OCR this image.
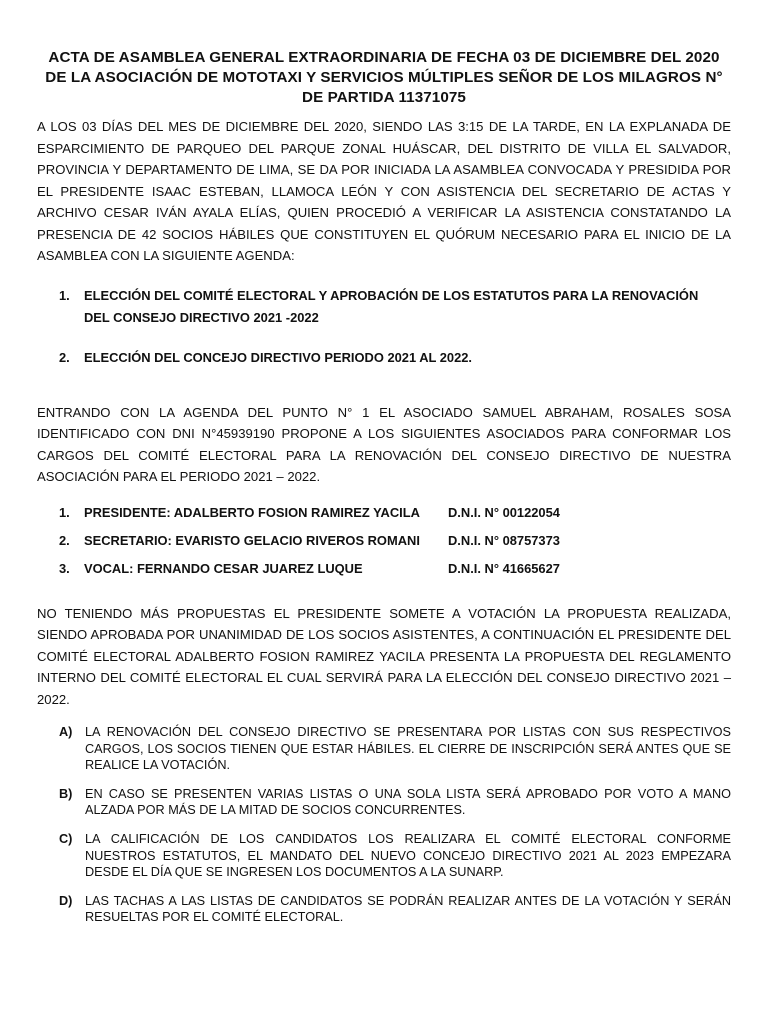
ACTA DE ASAMBLEA GENERAL EXTRAORDINARIA DE FECHA 03 DE DICIEMBRE DEL 2020
DE LA ASOCIACIÓN DE MOTOTAXI Y SERVICIOS MÚLTIPLES SEÑOR DE LOS MILAGROS N°
DE PARTIDA 11371075

A LOS 03 DÍAS DEL MES DE DICIEMBRE DEL 2020, SIENDO LAS 3:15 DE LA TARDE, EN LA EXPLANADA DE ESPARCIMIENTO DE PARQUEO DEL PARQUE ZONAL HUÁSCAR, DEL DISTRITO DE VILLA EL SALVADOR, PROVINCIA Y DEPARTAMENTO DE LIMA, SE DA POR INICIADA LA ASAMBLEA CONVOCADA Y PRESIDIDA POR EL PRESIDENTE ISAAC ESTEBAN, LLAMOCA LEÓN Y CON ASISTENCIA DEL SECRETARIO DE ACTAS Y ARCHIVO CESAR IVÁN AYALA ELÍAS, QUIEN PROCEDIÓ A VERIFICAR LA ASISTENCIA CONSTATANDO LA PRESENCIA DE 42 SOCIOS HÁBILES QUE CONSTITUYEN EL QUÓRUM NECESARIO PARA EL INICIO DE LA ASAMBLEA CON LA SIGUIENTE AGENDA:

1.	ELECCIÓN DEL COMITÉ ELECTORAL Y APROBACIÓN DE LOS ESTATUTOS PARA LA RENOVACIÓN DEL CONSEJO DIRECTIVO 2021 -2022
2.	ELECCIÓN DEL CONCEJO DIRECTIVO PERIODO 2021 AL 2022.

ENTRANDO CON LA AGENDA DEL PUNTO N° 1 EL ASOCIADO SAMUEL ABRAHAM, ROSALES SOSA IDENTIFICADO CON DNI N°45939190 PROPONE A LOS SIGUIENTES ASOCIADOS PARA CONFORMAR LOS CARGOS DEL COMITÉ ELECTORAL PARA LA RENOVACIÓN DEL CONSEJO DIRECTIVO DE NUESTRA ASOCIACIÓN PARA EL PERIODO 2021 – 2022.

1.	PRESIDENTE: ADALBERTO FOSION RAMIREZ YACILA	D.N.I. N° 00122054
2.	SECRETARIO: EVARISTO GELACIO RIVEROS ROMANI	D.N.I. N° 08757373
3.	VOCAL: FERNANDO CESAR JUAREZ LUQUE	D.N.I. N° 41665627

NO TENIENDO MÁS PROPUESTAS EL PRESIDENTE SOMETE A VOTACIÓN LA PROPUESTA REALIZADA, SIENDO APROBADA POR UNANIMIDAD DE LOS SOCIOS ASISTENTES, A CONTINUACIÓN EL PRESIDENTE DEL COMITÉ ELECTORAL ADALBERTO FOSION RAMIREZ YACILA PRESENTA LA PROPUESTA DEL REGLAMENTO INTERNO DEL COMITÉ ELECTORAL EL CUAL SERVIRÁ PARA LA ELECCIÓN DEL CONSEJO DIRECTIVO 2021 – 2022.

A) LA RENOVACIÓN DEL CONSEJO DIRECTIVO SE PRESENTARA POR LISTAS CON SUS RESPECTIVOS CARGOS, LOS SOCIOS TIENEN QUE ESTAR HÁBILES. EL CIERRE DE INSCRIPCIÓN SERÁ ANTES QUE SE REALICE LA VOTACIÓN.
B) EN CASO SE PRESENTEN VARIAS LISTAS O UNA SOLA LISTA SERÁ APROBADO POR VOTO A MANO ALZADA POR MÁS DE LA MITAD DE SOCIOS CONCURRENTES.
C) LA CALIFICACIÓN DE LOS CANDIDATOS LOS REALIZARA EL COMITÉ ELECTORAL CONFORME NUESTROS ESTATUTOS, EL MANDATO DEL NUEVO CONCEJO DIRECTIVO 2021 AL 2023 EMPEZARA DESDE EL DÍA QUE SE INGRESEN LOS DOCUMENTOS A LA SUNARP.
D) LAS TACHAS A LAS LISTAS DE CANDIDATOS SE PODRÁN REALIZAR ANTES DE LA VOTACIÓN Y SERÁN RESUELTAS POR EL COMITÉ ELECTORAL.
